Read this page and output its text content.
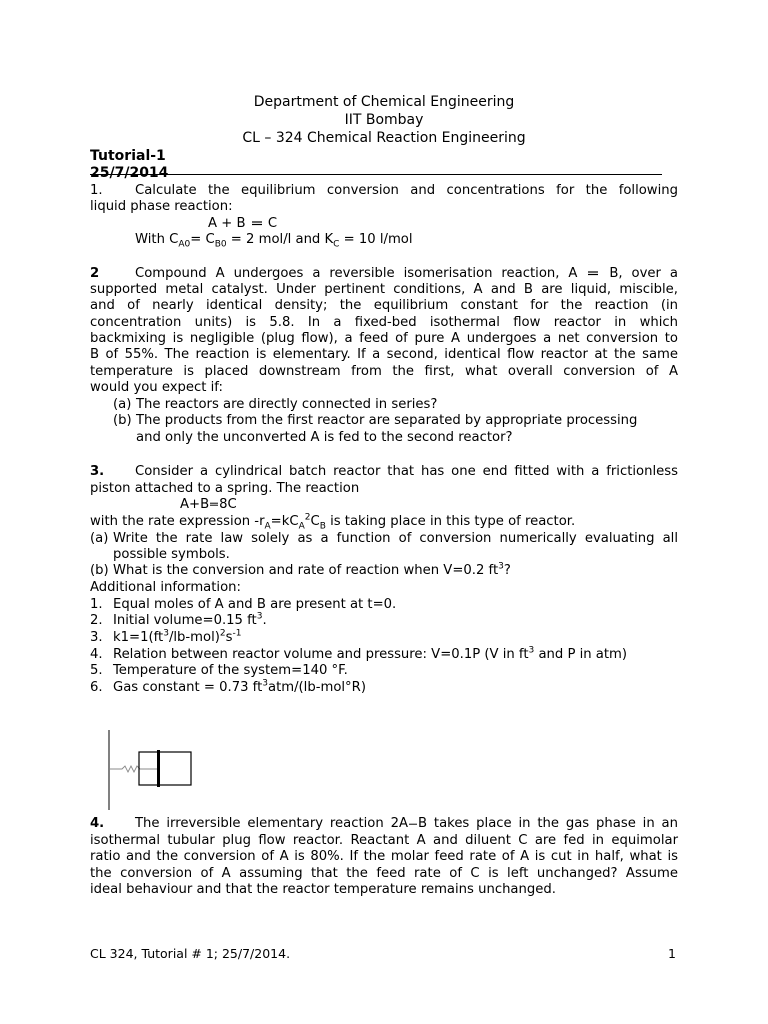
Department of Chemical Engineering
IIT Bombay
CL – 324 Chemical Reaction Engineering
Tutorial-1
25/7/2014
1. Calculate the equilibrium conversion and concentrations for the following
liquid phase reaction:
A + B C
With $C_{A0}= C_{B0} = 2$ mol/l and $K_C = 10$ l/mol
2	Compound A undergoes a reversible isomerisation reaction, A B, over a
supported metal catalyst. Under pertinent conditions, A and B are liquid, miscible,
and of nearly identical density; the equilibrium constant for the reaction (in
concentration units) is 5.8. In a fixed-bed isothermal flow reactor in which
backmixing is negligible (plug flow), a feed of pure A undergoes a net conversion to
B of 55%. The reaction is elementary. If a second, identical flow reactor at the same
temperature is placed downstream from the first, what overall conversion of A
would you expect if:
(a) The reactors are directly connected in series?
(b) The products from the first reactor are separated by appropriate processing
and only the unconverted A is fed to the second reactor?
3. Consider a cylindrical batch reactor that has one end fitted with a frictionless
piston attached to a spring. The reaction
A+B 8C
with the rate expression $-r_A=kC_A^2C_B$ is taking place in this type of reactor.
(a) Write the rate law solely as a function of conversion numerically evaluating all
possible symbols.
(b) What is the conversion and rate of reaction when V=0.2 $ft^3$?
Additional information:
1. Equal moles of A and B are present at t=0.
2. Initial volume=0.15 $ft^3$.
3. $k1=1(ft^3/lb-mol)^2s^{-1}$
4. Relation between reactor volume and pressure: V=0.1P (V in $ft^3$ and P in atm)
5. Temperature of the system=140 °F.
6. Gas constant = 0.73 $ft^3atm/(lb-mol^\circ R)$
4. The irreversible elementary reaction 2A B takes place in the gas phase in an
isothermal tubular plug flow reactor. Reactant A and diluent C are fed in equimolar
ratio and the conversion of A is 80%. If the molar feed rate of A is cut in half, what is
the conversion of A assuming that the feed rate of C is left unchanged? Assume
ideal behaviour and that the reactor temperature remains unchanged.
CL 324, Tutorial # 1; 25/7/2014.	1
